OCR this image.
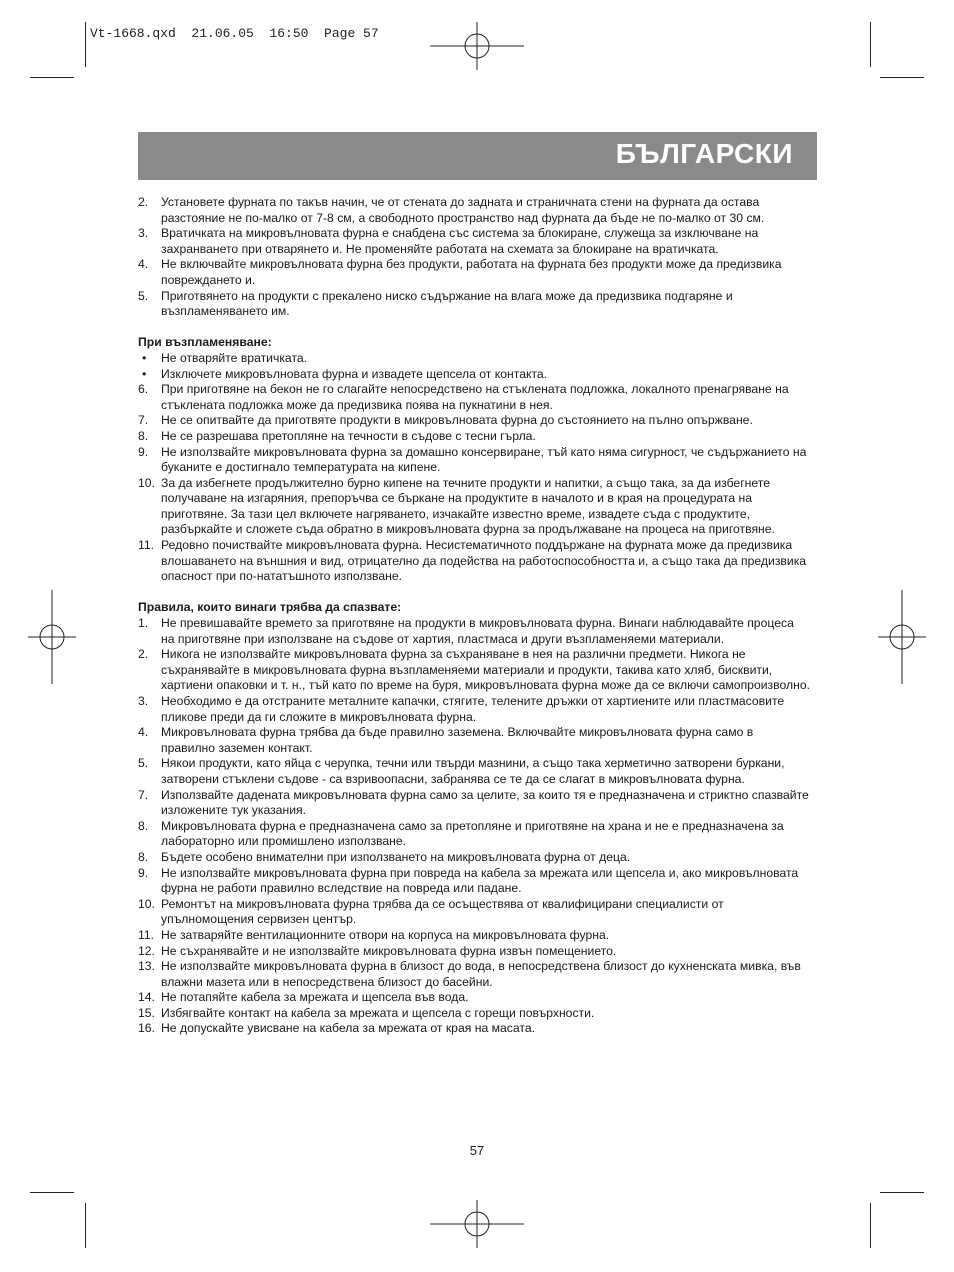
Vt-1668.qxd  21.06.05  16:50  Page 57
БЪЛГАРСКИ
2.	Установете фурната по такъв начин, че от стената до задната и страничната стени на фурната да остава разстояние не по-малко от 7-8 см, а свободното пространство над фурната да бъде не по-малко от 30 см.
3.	Вратичката на микровълновата фурна е снабдена със система за блокиране, служеща за изключване на захранването при отварянето и. Не променяйте работата на схемата за блокиране на вратичката.
4.	Не включвайте микровълновата фурна без продукти, работата на фурната без продукти може да предизвика повреждането и.
5.	Приготвянето на продукти с прекалено ниско съдържание на влага може да предизвика подгаряне и възпламеняването им.
При възпламеняване:
•	Не отваряйте вратичката.
•	Изключете микровълновата фурна и извадете щепсела от контакта.
6.	При приготвяне на бекон не го слагайте непосредствено на стъклената подложка, локалното пренагряване на стъклената подложка може да предизвика поява на пукнатини в нея.
7.	Не се опитвайте да приготвяте продукти в микровълновата фурна до състоянието на пълно опържване.
8.	Не се разрешава претопляне на течности в съдове с тесни гърла.
9.	Не използвайте микровълновата фурна за домашно консервиране, тъй като няма сигурност, че съдържанието на буканите е достигнало температурата на кипене.
10. За да избегнете продължително бурно кипене на течните продукти и напитки, а също така, за да избегнете получаване на изгаряния, препоръчва се бъркане на продуктите в началото и в края на процедурата на приготвяне. За тази цел включете нагряването, изчакайте известно време, извадете съда с продуктите, разбъркайте и сложете съда обратно в микровълновата фурна за продължаване на процеса на приготвяне.
11. Редовно почиствайте микровълновата фурна. Несистематичното поддържане на фурната може да предизвика влошаването на външния и вид, отрицателно да подейства на работоспособността и, а също така да предизвика опасност при по-нататъшното използване.
Правила, които винаги трябва да спазвате:
1.	Не превишавайте времето за приготвяне на продукти в микровълновата фурна. Винаги наблюдавайте процеса на приготвяне при използване на съдове от хартия, пластмаса и други възпламеняеми материали.
2.	Никога не използвайте микровълновата фурна за съхраняване в нея на различни предмети. Никога не съхранявайте в микровълновата фурна възпламеняеми материали и продукти, такива като хляб, бисквити, хартиени опаковки и т. н., тъй като по време на буря, микровълновата фурна може да се включи самопроизволно.
3.	Необходимо е да отстраните металните капачки, стягите, телените дръжки от хартиените или пластмасовите пликове преди да ги сложите в микровълновата фурна.
4.	Микровълновата фурна трябва да бъде правилно заземена. Включвайте микровълновата фурна само в правилно заземен контакт.
5.	Някои продукти, като яйца с черупка, течни или твърди мазнини, а също така херметично затворени буркани, затворени стъклени съдове - са взривоопасни, забранява се те да се слагат в микровълновата фурна.
7.	Използвайте дадената микровълновата фурна само за целите, за които тя е предназначена и стриктно спазвайте изложените тук указания.
8.	Микровълновата фурна е предназначена само за претопляне и приготвяне на храна и не е предназначена за лабораторно или промишлено използване.
8.	Бъдете особено внимателни при използването на микровълновата фурна от деца.
9.	Не използвайте микровълновата фурна при повреда на кабела за мрежата или щепсела и, ако микровълновата фурна не работи правилно вследствие на повреда или падане.
10. Ремонтът на микровълновата фурна трябва да се осъществява от квалифицирани специалисти от упълномощения сервизен център.
11. Не затваряйте вентилационните отвори на корпуса на микровълновата фурна.
12. Не съхранявайте и не използвайте микровълновата фурна извън помещението.
13. Не използвайте микровълновата фурна в близост до вода, в непосредствена близост до кухненската мивка, във влажни мазета или в непосредствена близост до басейни.
14. Не потапяйте кабела за мрежата и щепсела във вода.
15. Избягвайте контакт на кабела за мрежата и щепсела с горещи повърхности.
16. Не допускайте увисване на кабела за мрежата от края на масата.
57
